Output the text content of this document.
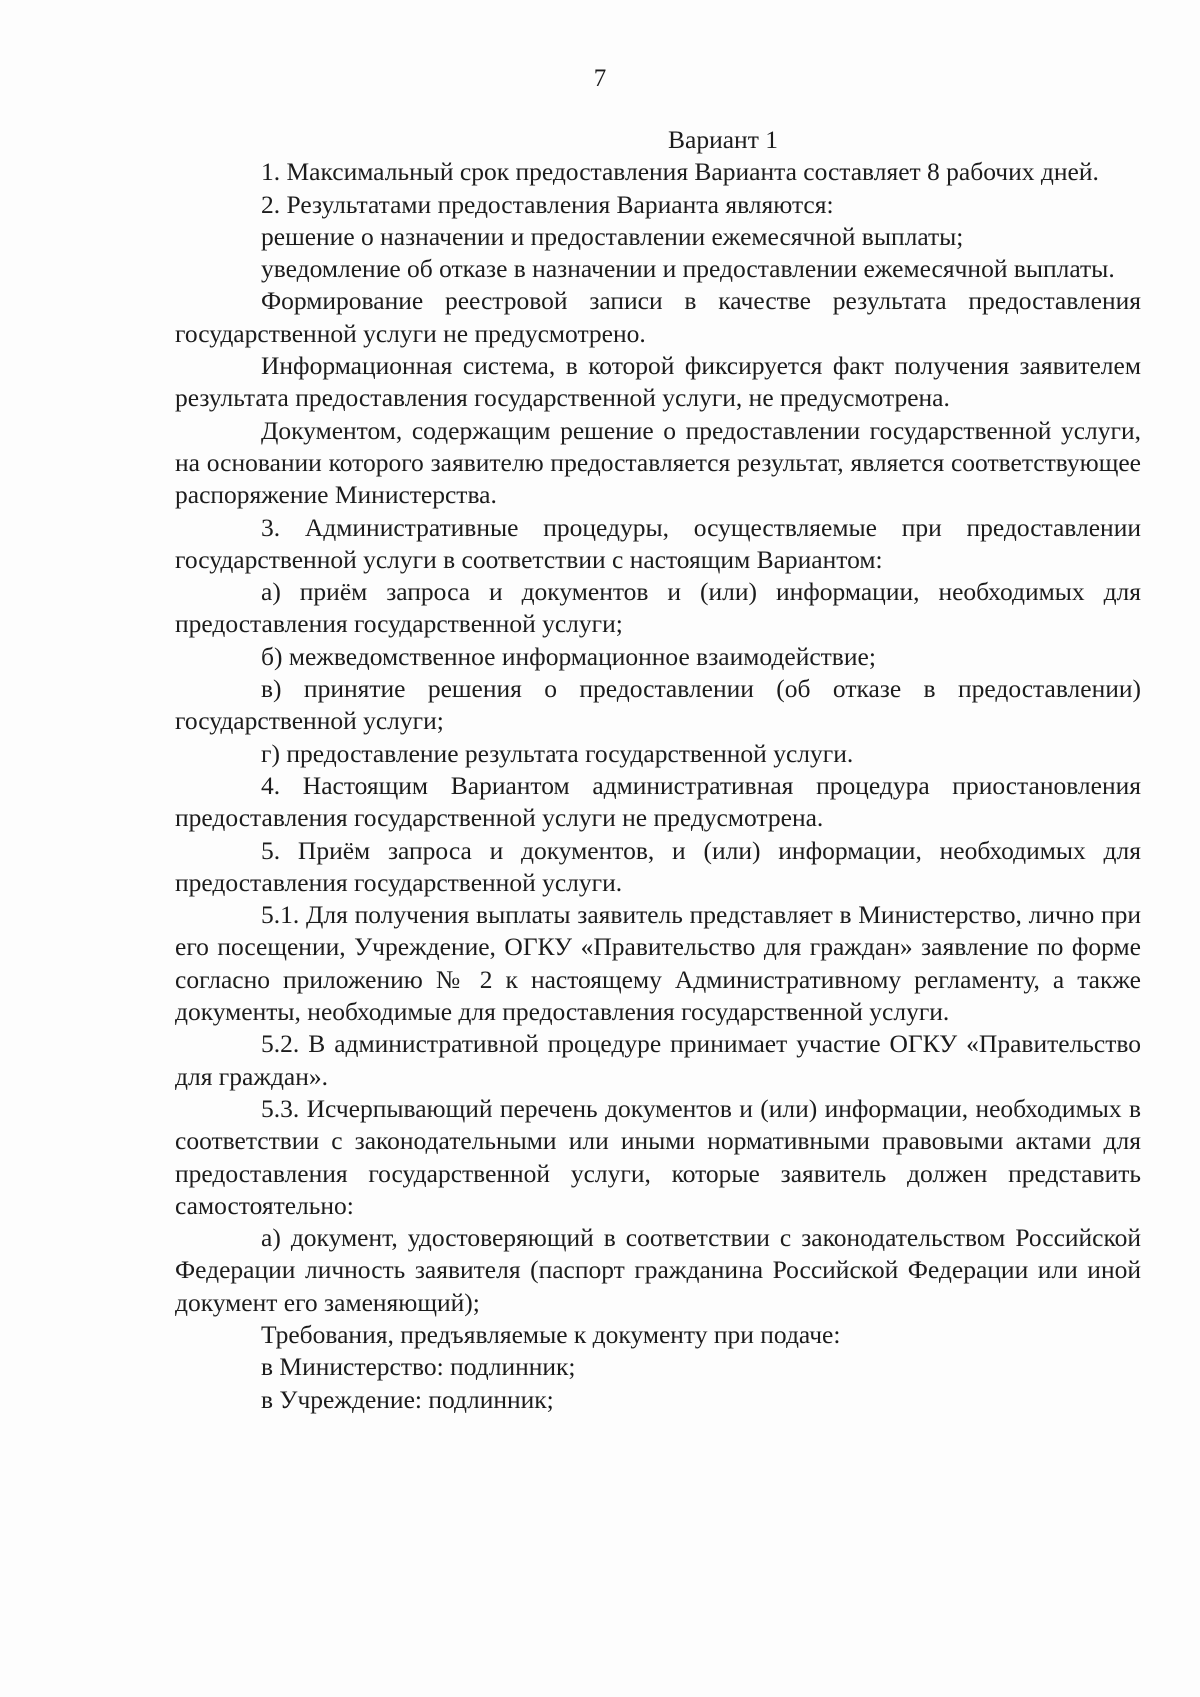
7

Вариант 1

1. Максимальный срок предоставления Варианта составляет 8 рабочих дней.

2. Результатами предоставления Варианта являются:

решение о назначении и предоставлении ежемесячной выплаты;

уведомление об отказе в назначении и предоставлении ежемесячной выплаты.

Формирование реестровой записи в качестве результата предоставления государственной услуги не предусмотрено.

Информационная система, в которой фиксируется факт получения заявителем результата предоставления государственной услуги, не предусмотрена.

Документом, содержащим решение о предоставлении государственной услуги, на основании которого заявителю предоставляется результат, является соответствующее распоряжение Министерства.

3. Административные процедуры, осуществляемые при предоставлении государственной услуги в соответствии с настоящим Вариантом:

а) приём запроса и документов и (или) информации, необходимых для предоставления государственной услуги;

б) межведомственное информационное взаимодействие;

в) принятие решения о предоставлении (об отказе в предоставлении) государственной услуги;

г) предоставление результата государственной услуги.

4. Настоящим Вариантом административная процедура приостановления предоставления государственной услуги не предусмотрена.

5. Приём запроса и документов, и (или) информации, необходимых для предоставления государственной услуги.

5.1. Для получения выплаты заявитель представляет в Министерство, лично при его посещении, Учреждение, ОГКУ «Правительство для граждан» заявление по форме согласно приложению № 2 к настоящему Административному регламенту, а также документы, необходимые для предоставления государственной услуги.

5.2. В административной процедуре принимает участие ОГКУ «Правительство для граждан».

5.3. Исчерпывающий перечень документов и (или) информации, необходимых в соответствии с законодательными или иными нормативными правовыми актами для предоставления государственной услуги, которые заявитель должен представить самостоятельно:

а) документ, удостоверяющий в соответствии с законодательством Российской Федерации личность заявителя (паспорт гражданина Российской Федерации или иной документ его заменяющий);

Требования, предъявляемые к документу при подаче:

в Министерство: подлинник;

в Учреждение: подлинник;
